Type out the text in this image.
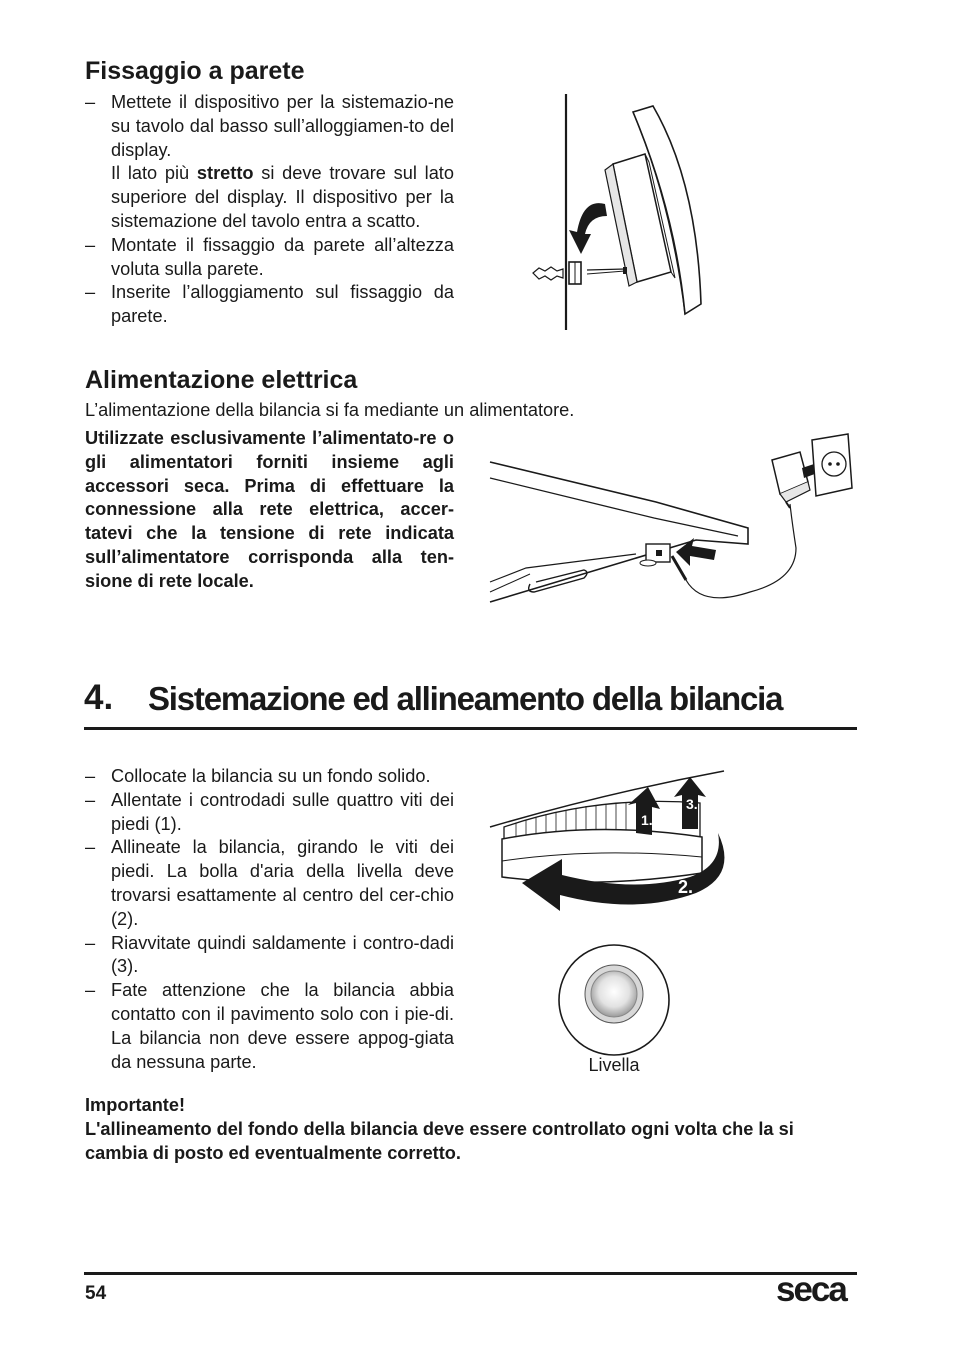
Fissaggio a parete
– Mettete il dispositivo per la sistemazio-ne su tavolo dal basso sull’alloggiamen-to del display.
Il lato più stretto si deve trovare sul lato superiore del display. Il dispositivo per la sistemazione del tavolo entra a scatto.
– Montate il fissaggio da parete all’altezza voluta sulla parete.
– Inserite l’alloggiamento sul fissaggio da parete.
Alimentazione elettrica
L’alimentazione della bilancia si fa mediante un alimentatore.
Utilizzate esclusivamente l’alimentato-re o gli alimentatori forniti insieme agli accessori seca. Prima di effettuare la connessione alla rete elettrica, accer-tatevi che la tensione di rete indicata sull’alimentatore corrisponda alla ten-sione di rete locale.
4. Sistemazione ed allineamento della bilancia
– Collocate la bilancia su un fondo solido.
– Allentate i controdadi sulle quattro viti dei piedi (1).
– Allineate la bilancia, girando le viti dei piedi. La bolla d'aria della livella deve trovarsi esattamente al centro del cer-chio (2).
– Riavvitate quindi saldamente i contro-dadi (3).
– Fate attenzione che la bilancia abbia contatto con il pavimento solo con i pie-di. La bilancia non deve essere appog-giata da nessuna parte.
1.
3.
2.
Livella
Importante!
L'allineamento del fondo della bilancia deve essere controllato ogni volta che la si cambia di posto ed eventualmente corretto.
54	seca
